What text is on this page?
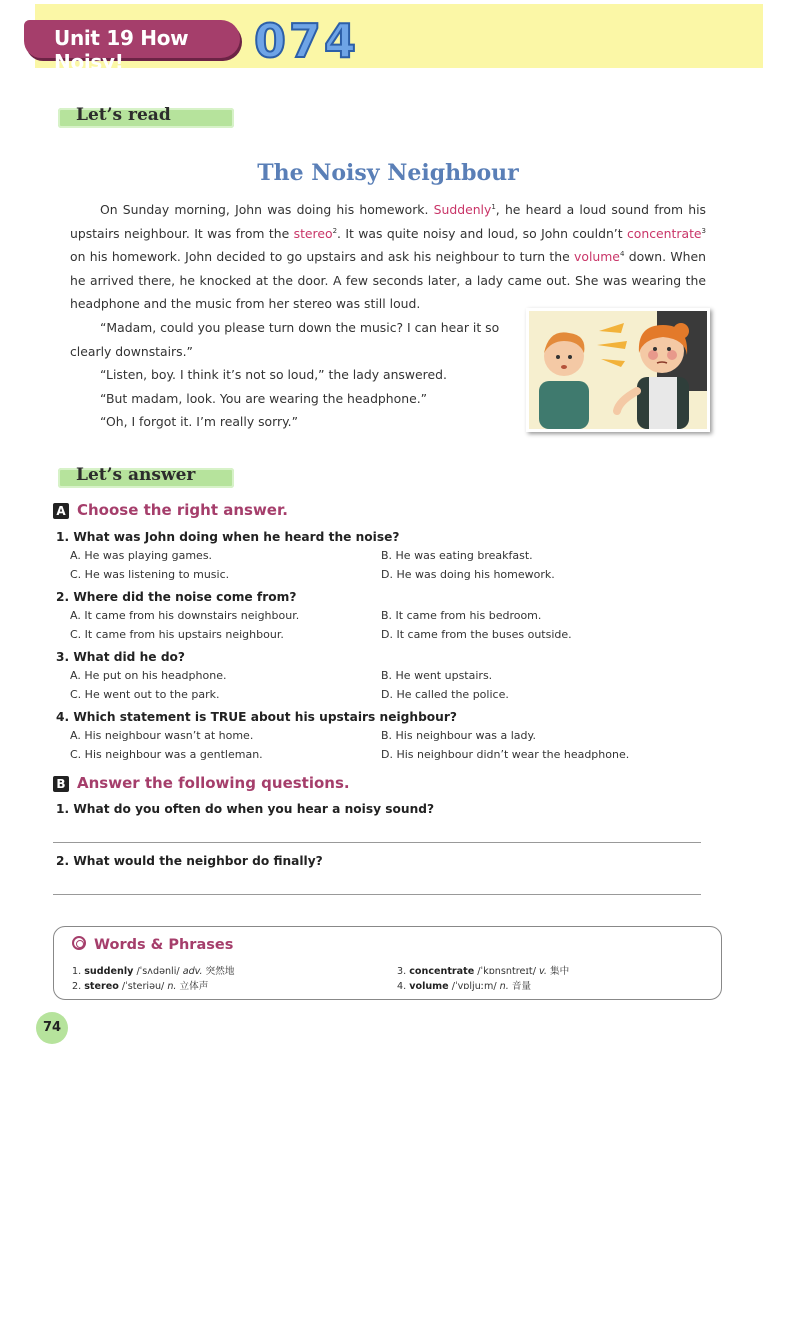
Unit 19 How Noisy!	074
Let’s read
The Noisy Neighbour

On Sunday morning, John was doing his homework. Suddenly$^1$, he heard a loud sound from his upstairs neighbour. It was from the stereo$^2$. It was quite noisy and loud, so John couldn’t concentrate$^3$ on his homework. John decided to go upstairs and ask his neighbour to turn the volume$^4$ down. When he arrived there, he knocked at the door. A few seconds later, a lady came out. She was wearing the headphone and the music from her stereo was still loud.

“Madam, could you please turn down the music? I can hear it so clearly downstairs.”

“Listen, boy. I think it’s not so loud,” the lady answered.

“But madam, look. You are wearing the headphone.”

“Oh, I forgot it. I’m really sorry.”

Let’s answer
A Choose the right answer.
1. What was John doing when he heard the noise?
A. He was playing games.	B. He was eating breakfast.
C. He was listening to music.	D. He was doing his homework.
2. Where did the noise come from?
A. It came from his downstairs neighbour.	B. It came from his bedroom.
C. It came from his upstairs neighbour.	D. It came from the buses outside.
3. What did he do?
A. He put on his headphone.	B. He went upstairs.
C. He went out to the park.	D. He called the police.
4. Which statement is TRUE about his upstairs neighbour?
A. His neighbour wasn’t at home.	B. His neighbour was a lady.
C. His neighbour was a gentleman.	D. His neighbour didn’t wear the headphone.
B Answer the following questions.
1. What do you often do when you hear a noisy sound?
2. What would the neighbor do finally?
Words & Phrases
1. suddenly /ˈsʌdənli/ adv. 突然地
2. stereo /ˈsteriəu/ n. 立体声
3. concentrate /ˈkɒnsntreɪt/ v. 集中
4. volume /ˈvɒljuːm/ n. 音量
74
